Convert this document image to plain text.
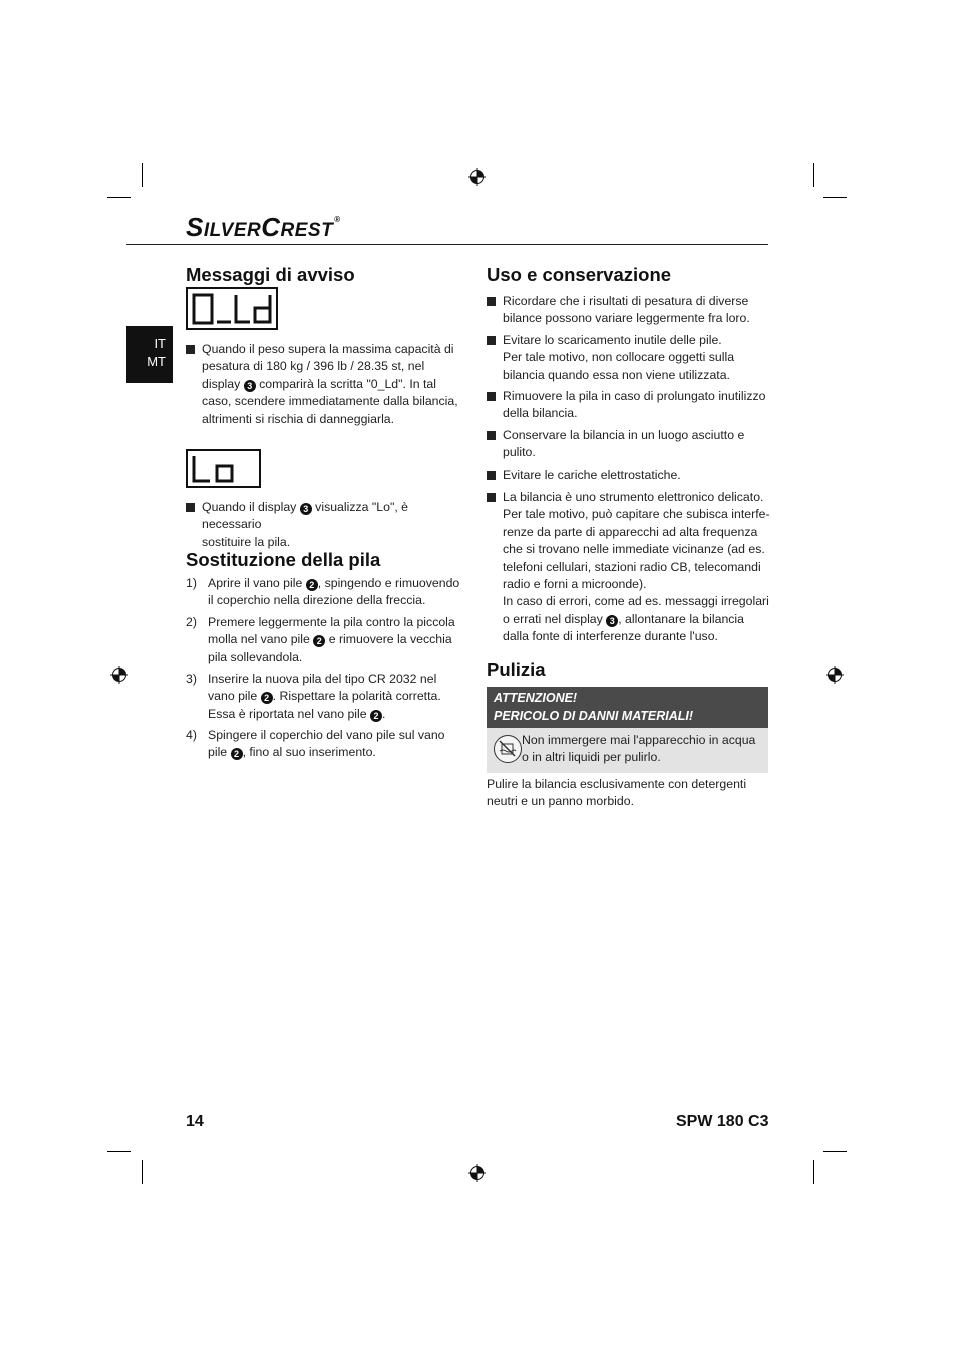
SILVERCREST®
IT
MT
Messaggi di avviso
Quando il peso supera la massima capacità di
pesatura di 180 kg / 396 lb / 28.35 st, nel
display 3 comparirà la scritta "0_Ld". In tal
caso, scendere immediatamente dalla bilancia,
altrimenti si rischia di danneggiarla.
Quando il display 3 visualizza "Lo", è necessario
sostituire la pila.
Sostituzione della pila
1) Aprire il vano pile 2 , spingendo e rimuovendo
il coperchio nella direzione della freccia.
2) Premere leggermente la pila contro la piccola
molla nel vano pile 2 e rimuovere la vecchia
pila sollevandola.
3) Inserire la nuova pila del tipo CR 2032 nel
vano pile 2 . Rispettare la polarità corretta.
Essa è riportata nel vano pile 2 .
4) Spingere il coperchio del vano pile sul vano
pile 2 , fino al suo inserimento.
Uso e conservazione
Ricordare che i risultati di pesatura di diverse
bilance possono variare leggermente fra loro.
Evitare lo scaricamento inutile delle pile.
Per tale motivo, non collocare oggetti sulla
bilancia quando essa non viene utilizzata.
Rimuovere la pila in caso di prolungato inutilizzo
della bilancia.
Conservare la bilancia in un luogo asciutto e
pulito.
Evitare le cariche elettrostatiche.
La bilancia è uno strumento elettronico delicato.
Per tale motivo, può capitare che subisca interfe-
renze da parte di apparecchi ad alta frequenza
che si trovano nelle immediate vicinanze (ad es.
telefoni cellulari, stazioni radio CB, telecomandi
radio e forni a microonde).
In caso di errori, come ad es. messaggi irregolari
o errati nel display 3 , allontanare la bilancia
dalla fonte di interferenze durante l'uso.
Pulizia
ATTENZIONE!
PERICOLO DI DANNI MATERIALI!
Non immergere mai l'apparecchio in acqua
o in altri liquidi per pulirlo.
Pulire la bilancia esclusivamente con detergenti
neutri e un panno morbido.
14	SPW 180 C3
